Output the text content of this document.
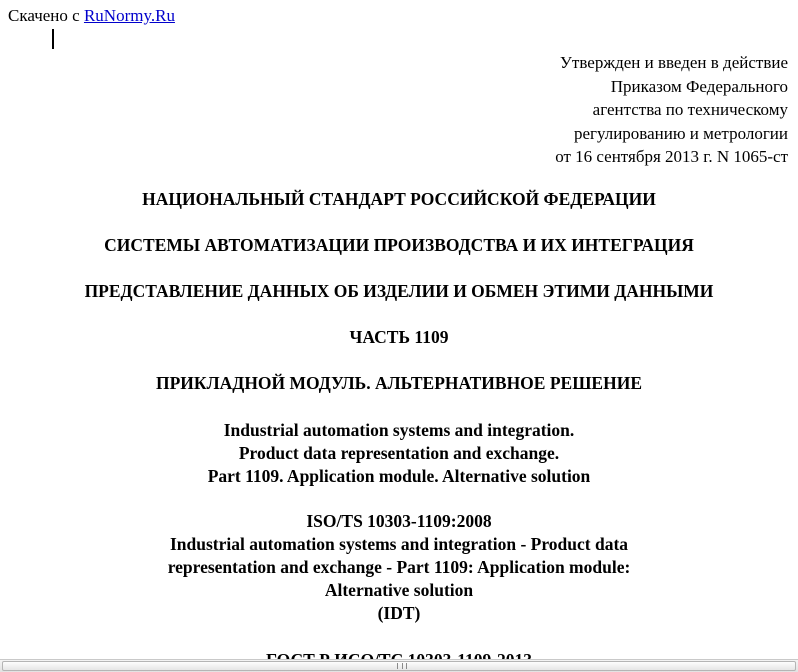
Скачено с RuNormy.Ru
Утвержден и введен в действие
Приказом Федерального
агентства по техническому
регулированию и метрологии
от 16 сентября 2013 г. N 1065-ст
НАЦИОНАЛЬНЫЙ СТАНДАРТ РОССИЙСКОЙ ФЕДЕРАЦИИ
СИСТЕМЫ АВТОМАТИЗАЦИИ ПРОИЗВОДСТВА И ИХ ИНТЕГРАЦИЯ
ПРЕДСТАВЛЕНИЕ ДАННЫХ ОБ ИЗДЕЛИИ И ОБМЕН ЭТИМИ ДАННЫМИ
ЧАСТЬ 1109
ПРИКЛАДНОЙ МОДУЛЬ. АЛЬТЕРНАТИВНОЕ РЕШЕНИЕ
Industrial automation systems and integration.
Product data representation and exchange.
Part 1109. Application module. Alternative solution
ISO/TS 10303-1109:2008
Industrial automation systems and integration - Product data
representation and exchange - Part 1109: Application module:
Alternative solution
(IDT)
